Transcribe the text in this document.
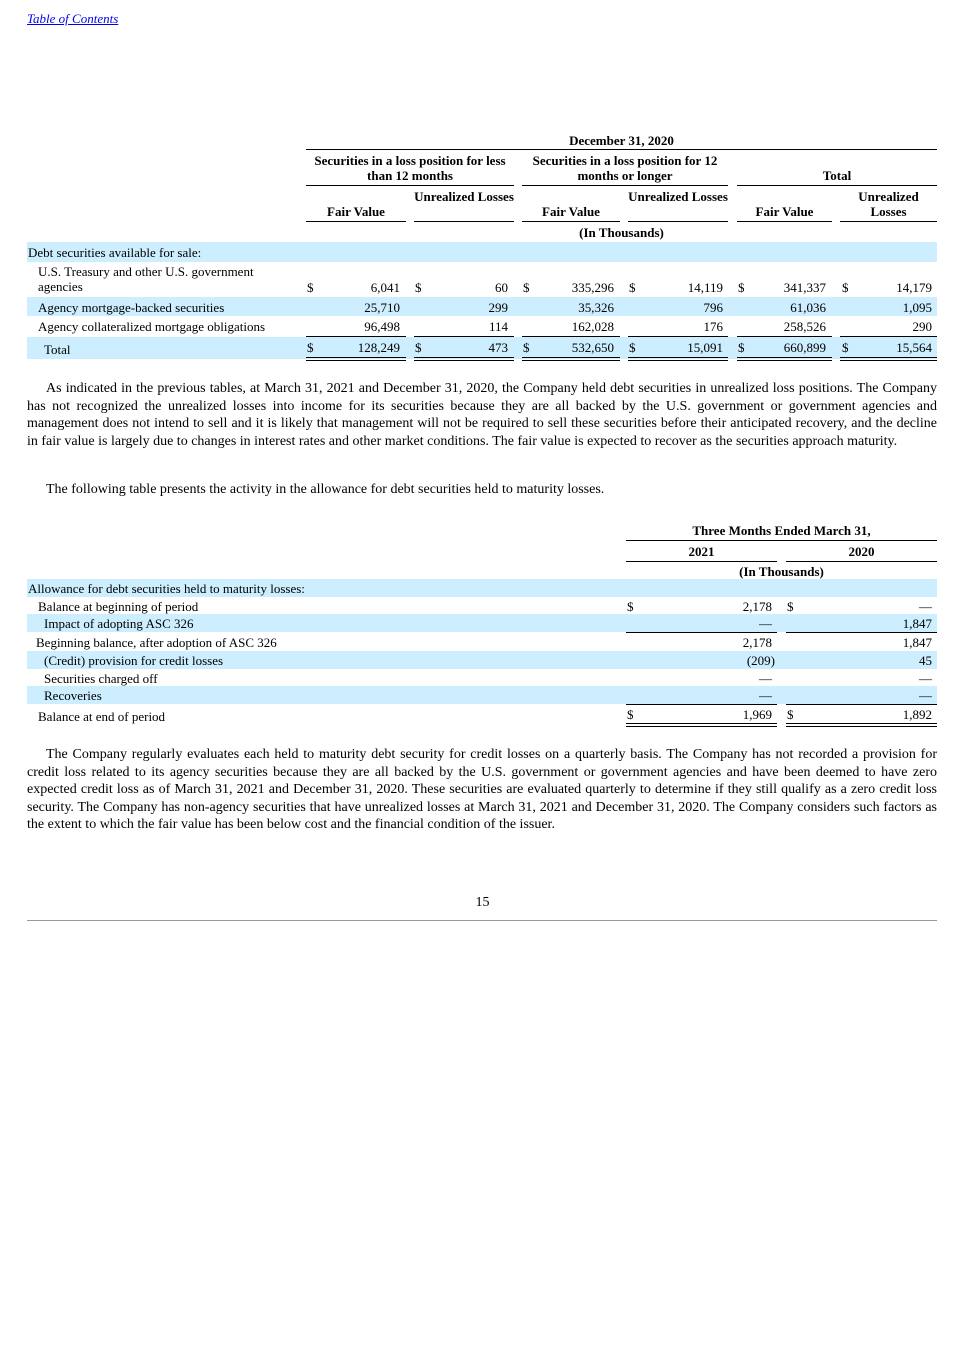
Table of Contents
December 31, 2020
Securities in a loss position for less than 12 months
Securities in a loss position for 12 months or longer	Total
Fair Value
Unrealized Losses
Fair Value
Unrealized Losses
Fair Value
Unrealized Losses
(In Thousands)
Debt securities available for sale:
U.S. Treasury and other U.S. government agencies	$	6,041 $	60 $	335,296 $	14,119 $	341,337 $	14,179
Agency mortgage-backed securities	25,710	299	35,326	796	61,036	1,095
Agency collateralized mortgage obligations	96,498	114	162,028	176	258,526	290
Total	$	128,249 $	473 $	532,650 $	15,091 $	660,899 $	15,564
As indicated in the previous tables, at March 31, 2021 and December 31, 2020, the Company held debt securities in unrealized loss positions. The Company has not recognized the unrealized losses into income for its securities because they are all backed by the U.S. government or government agencies and management does not intend to sell and it is likely that management will not be required to sell these securities before their anticipated recovery, and the decline in fair value is largely due to changes in interest rates and other market conditions. The fair value is expected to recover as the securities approach maturity.
The following table presents the activity in the allowance for debt securities held to maturity losses.
Three Months Ended March 31,
2021	2020
(In Thousands)
Allowance for debt securities held to maturity losses:
Balance at beginning of period	$	2,178 $	—
Impact of adopting ASC 326	—	1,847
Beginning balance, after adoption of ASC 326	2,178	1,847
(Credit) provision for credit losses	(209)	45
Securities charged off	—	—
Recoveries	—	—
Balance at end of period	$	1,969 $	1,892
The Company regularly evaluates each held to maturity debt security for credit losses on a quarterly basis. The Company has not recorded a provision for credit loss related to its agency securities because they are all backed by the U.S. government or government agencies and have been deemed to have zero expected credit loss as of March 31, 2021 and December 31, 2020. These securities are evaluated quarterly to determine if they still qualify as a zero credit loss security. The Company has non-agency securities that have unrealized losses at March 31, 2021 and December 31, 2020. The Company considers such factors as the extent to which the fair value has been below cost and the financial condition of the issuer.
15
